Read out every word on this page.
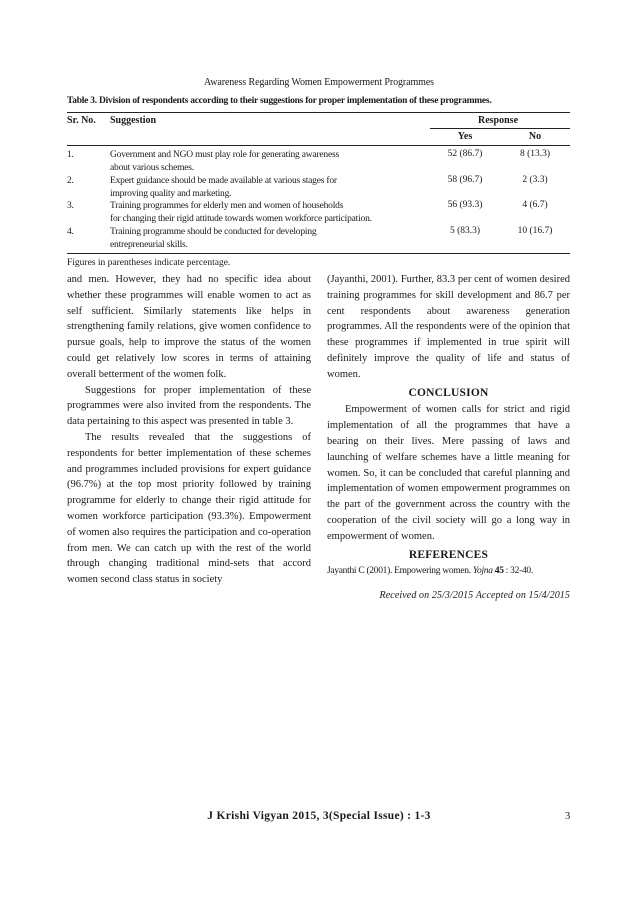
Awareness Regarding Women Empowerment Programmes
Table 3. Division of respondents according to their suggestions for proper implementation of these programmes.
Sr. No. Suggestion	Response
Yes	No
1.	Government and NGO must play role for generating awareness
about various schemes.
52 (86.7)	8 (13.3)
2.	Expert guidance should be made available at various stages for
improving quality and marketing.
58 (96.7)	2 (3.3)
3.	Training programmes for elderly men and women of households
for changing their rigid attitude towards women workforce participation.
56 (93.3)	4 (6.7)
4.	Training programme should be conducted for developing
entrepreneurial skills.
5 (83.3)	10 (16.7)
Figures in parentheses indicate percentage.

and men. However, they had no specific idea about whether these programmes will enable women to act as self sufficient. Similarly statements like helps in strengthening family relations, give women confidence to pursue goals, help to improve the status of the women could get relatively low scores in terms of attaining overall betterment of the women folk.

Suggestions for proper implementation of these programmes were also invited from the respondents. The data pertaining to this aspect was presented in table 3.

The results revealed that the suggestions of respondents for better implementation of these schemes and programmes included provisions for expert guidance (96.7%) at the top most priority followed by training programme for elderly to change their rigid attitude for women workforce participation (93.3%). Empowerment of women also requires the participation and co-operation from men. We can catch up with the rest of the world through changing traditional mind-sets that accord women second class status in society

(Jayanthi, 2001). Further, 83.3 per cent of women desired training programmes for skill development and 86.7 per cent respondents about awareness generation programmes. All the respondents were of the opinion that these programmes if implemented in true spirit will definitely improve the quality of life and status of women.

CONCLUSION

Empowerment of women calls for strict and rigid implementation of all the programmes that have a bearing on their lives. Mere passing of laws and launching of welfare schemes have a little meaning for women. So, it can be concluded that careful planning and implementation of women empowerment programmes on the part of the government across the country with the cooperation of the civil society will go a long way in empowerment of women.

REFERENCES

Jayanthi C (2001). Empowering women. Yojna 45 : 32-40.

Received on 25/3/2015 Accepted on 15/4/2015
J Krishi Vigyan 2015, 3(Special Issue) : 1-3	3
